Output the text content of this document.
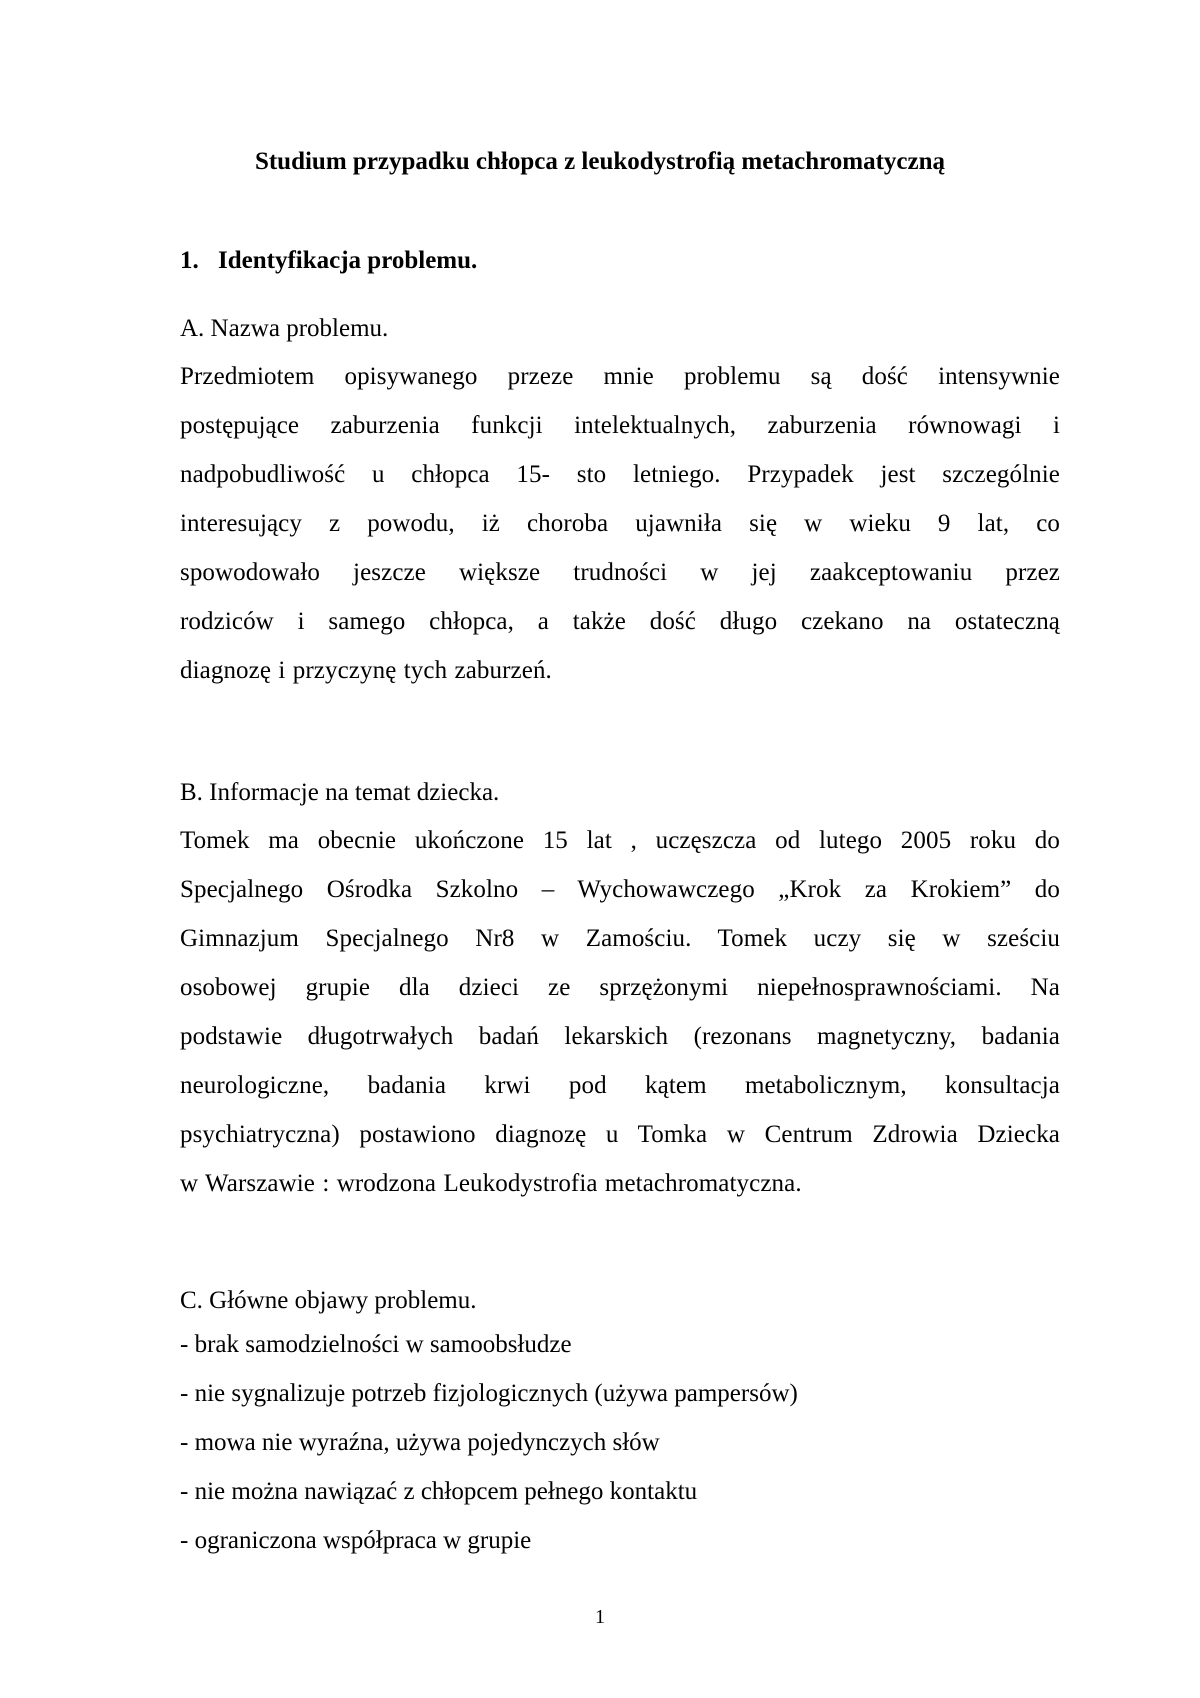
Studium przypadku chłopca z leukodystrofią metachromatyczną
1. Identyfikacja problemu.
A. Nazwa problemu.
Przedmiotem opisywanego przeze mnie problemu są dość intensywnie
postępujące zaburzenia funkcji intelektualnych, zaburzenia równowagi i
nadpobudliwość u chłopca 15- sto letniego. Przypadek jest szczególnie
interesujący z powodu, iż choroba ujawniła się w wieku 9 lat, co
spowodowało jeszcze większe trudności w jej zaakceptowaniu przez
rodziców i samego chłopca, a także dość długo czekano na ostateczną
diagnozę i przyczynę tych zaburzeń.
B. Informacje na temat dziecka.
Tomek ma obecnie ukończone 15 lat , uczęszcza od lutego 2005 roku do
Specjalnego Ośrodka Szkolno – Wychowawczego „Krok za Krokiem” do
Gimnazjum Specjalnego Nr8 w Zamościu. Tomek uczy się w sześciu
osobowej grupie dla dzieci ze sprzężonymi niepełnosprawnościami. Na
podstawie długotrwałych badań lekarskich (rezonans magnetyczny, badania
neurologiczne, badania krwi pod kątem metabolicznym, konsultacja
psychiatryczna) postawiono diagnozę u Tomka w Centrum Zdrowia Dziecka
w Warszawie : wrodzona Leukodystrofia metachromatyczna.
C. Główne objawy problemu.
- brak samodzielności w samoobsłudze
- nie sygnalizuje potrzeb fizjologicznych (używa pampersów)
- mowa nie wyraźna, używa pojedynczych słów
- nie można nawiązać z chłopcem pełnego kontaktu
- ograniczona współpraca w grupie
1
